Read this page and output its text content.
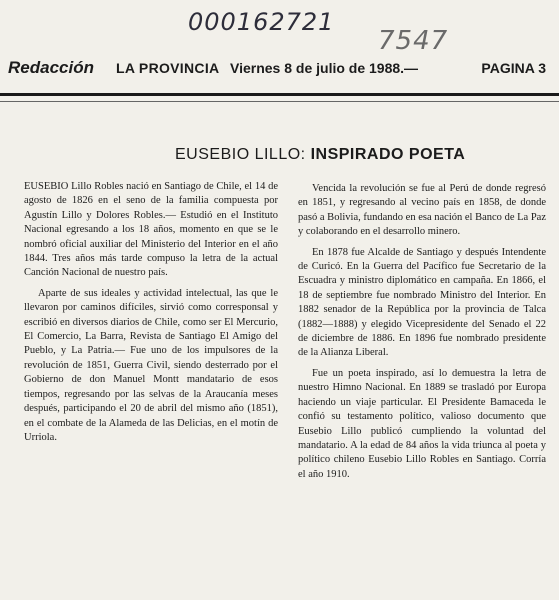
000162721
7547
Redacción LA PROVINCIA Viernes 8 de julio de 1988.—	PAGINA 3
EUSEBIO LILLO: INSPIRADO POETA

EUSEBIO Lillo Robles nació en Santiago de Chile, el 14 de agosto de 1826 en el seno de la familia compuesta por Agustín Lillo y Dolores Robles.— Estudió en el Instituto Nacional egresando a los 18 años, momento en que se le nombró oficial auxiliar del Ministerio del Interior en el año 1844. Tres años más tarde compuso la letra de la actual Canción Nacional de nuestro país.

Aparte de sus ideales y actividad intelectual, las que le llevaron por caminos difíciles, sirvió como corresponsal y escribió en diversos diarios de Chile, como ser El Mercurio, El Comercio, La Barra, Revista de Santiago El Amigo del Pueblo, y La Patria.— Fue uno de los impulsores de la revolución de 1851, Guerra Civil, siendo desterrado por el Gobierno de don Manuel Montt mandatario de esos tiempos, regresando por las selvas de la Araucanía meses después, participando el 20 de abril del mismo año (1851), en el combate de la Alameda de las Delicias, en el motín de Urriola.

Vencida la revolución se fue al Perú de donde regresó en 1851, y regresando al vecino país en 1858, de donde pasó a Bolivia, fundando en esa nación el Banco de La Paz y colaborando en el desarrollo minero.

En 1878 fue Alcalde de Santiago y después Intendente de Curicó. En la Guerra del Pacífico fue Secretario de la Escuadra y ministro diplomático en campaña. En 1866, el 18 de septiembre fue nombrado Ministro del Interior. En 1882 senador de la República por la provincia de Talca (1882—1888) y elegido Vicepresidente del Senado el 22 de diciembre de 1886. En 1896 fue nombrado presidente de la Alianza Liberal.

Fue un poeta inspirado, así lo demuestra la letra de nuestro Himno Nacional. En 1889 se trasladó por Europa haciendo un viaje particular. El Presidente Bamaceda le confió su testamento político, valioso documento que Eusebio Lillo publicó cumpliendo la voluntad del mandatario. A la edad de 84 años la vida triunca al poeta y político chileno Eusebio Lillo Robles en Santiago. Corría el año 1910.
